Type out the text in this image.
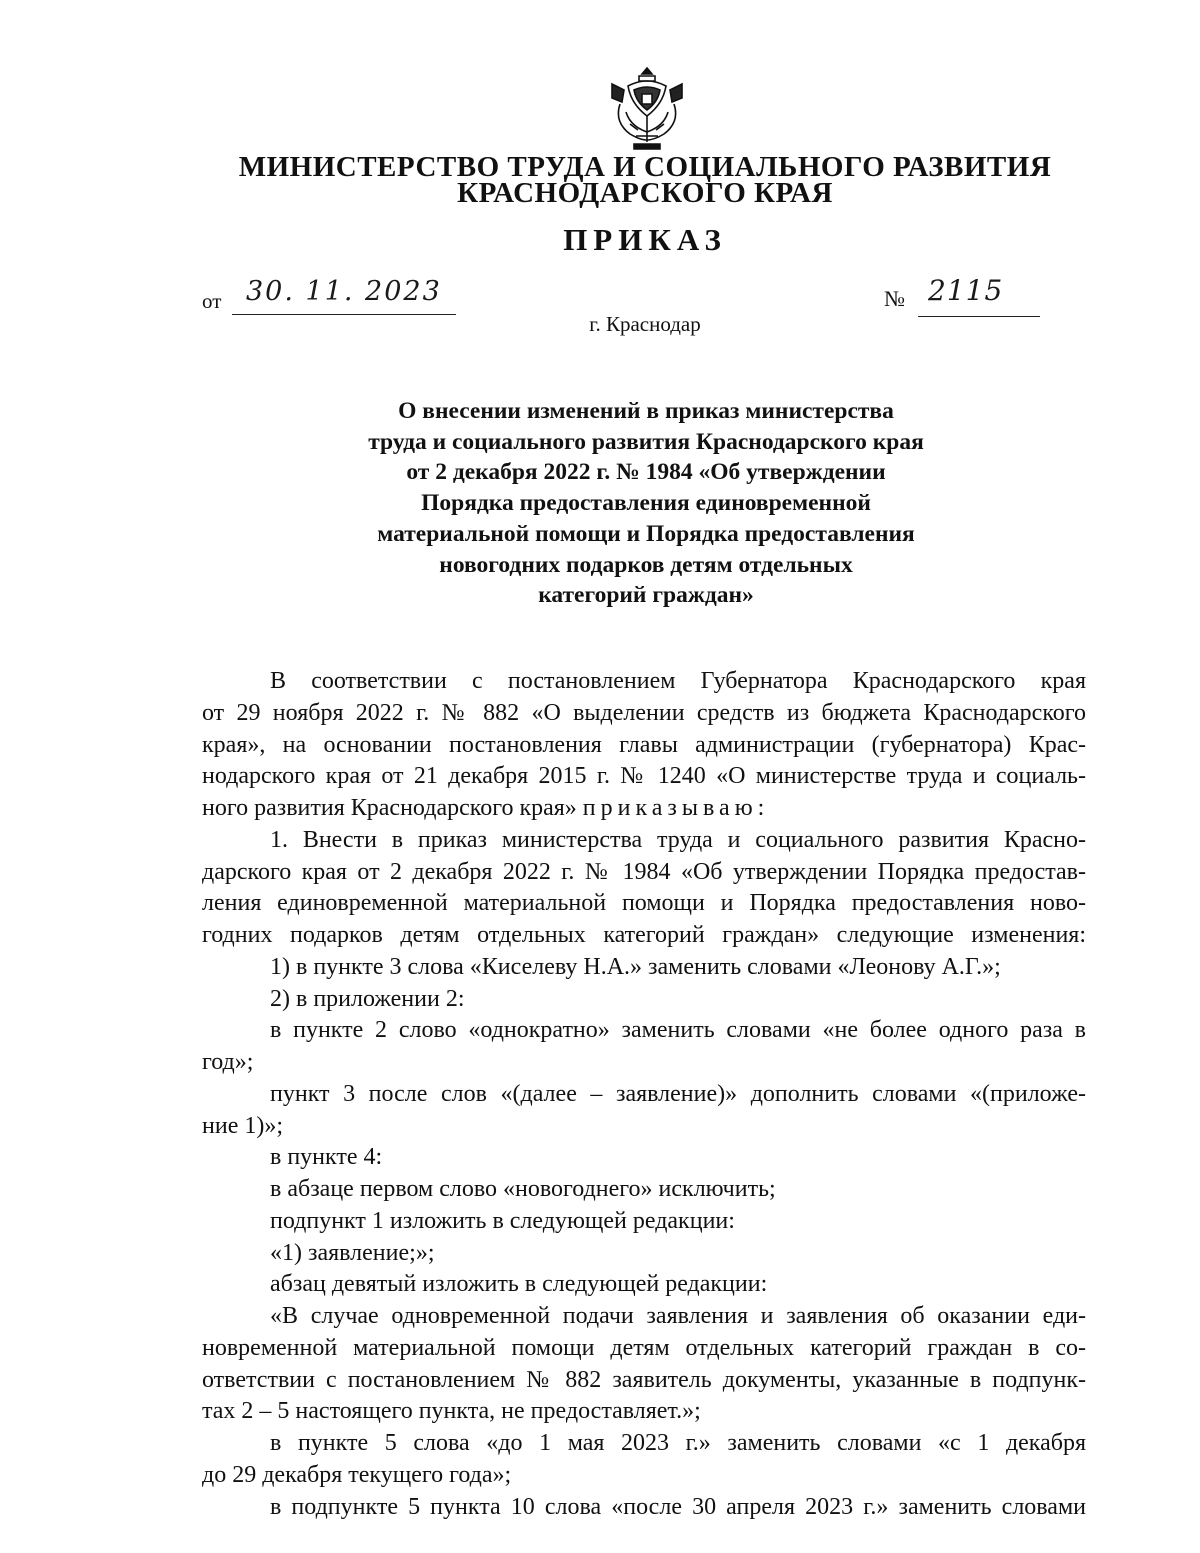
МИНИСТЕРСТВО ТРУДА И СОЦИАЛЬНОГО РАЗВИТИЯ
КРАСНОДАРСКОГО КРАЯ
ПРИКАЗ
от 30. 11. 2023	№ 2115
г. Краснодар
О внесении изменений в приказ министерства
труда и социального развития Краснодарского края
от 2 декабря 2022 г. № 1984 «Об утверждении
Порядка предоставления единовременной
материальной помощи и Порядка предоставления
новогодних подарков детям отдельных
категорий граждан»
В соответствии с постановлением Губернатора Краснодарского края
от 29 ноября 2022 г. № 882 «О выделении средств из бюджета Краснодарского
края», на основании постановления главы администрации (губернатора) Крас-
нодарского края от 21 декабря 2015 г. № 1240 «О министерстве труда и социаль-
ного развития Краснодарского края» приказываю:
1. Внести в приказ министерства труда и социального развития Красно-
дарского края от 2 декабря 2022 г. № 1984 «Об утверждении Порядка предостав-
ления единовременной материальной помощи и Порядка предоставления ново-
годних подарков детям отдельных категорий граждан» следующие изменения:
1) в пункте 3 слова «Киселеву Н.А.» заменить словами «Леонову А.Г.»;
2) в приложении 2:
в пункте 2 слово «однократно» заменить словами «не более одного раза в
год»;
пункт 3 после слов «(далее – заявление)» дополнить словами «(приложе-
ние 1)»;
в пункте 4:
в абзаце первом слово «новогоднего» исключить;
подпункт 1 изложить в следующей редакции:
«1) заявление;»;
абзац девятый изложить в следующей редакции:
«В случае одновременной подачи заявления и заявления об оказании еди-
новременной материальной помощи детям отдельных категорий граждан в со-
ответствии с постановлением № 882 заявитель документы, указанные в подпунк-
тах 2 – 5 настоящего пункта, не предоставляет.»;
в пункте 5 слова «до 1 мая 2023 г.» заменить словами «с 1 декабря
до 29 декабря текущего года»;
в подпункте 5 пункта 10 слова «после 30 апреля 2023 г.» заменить словами
